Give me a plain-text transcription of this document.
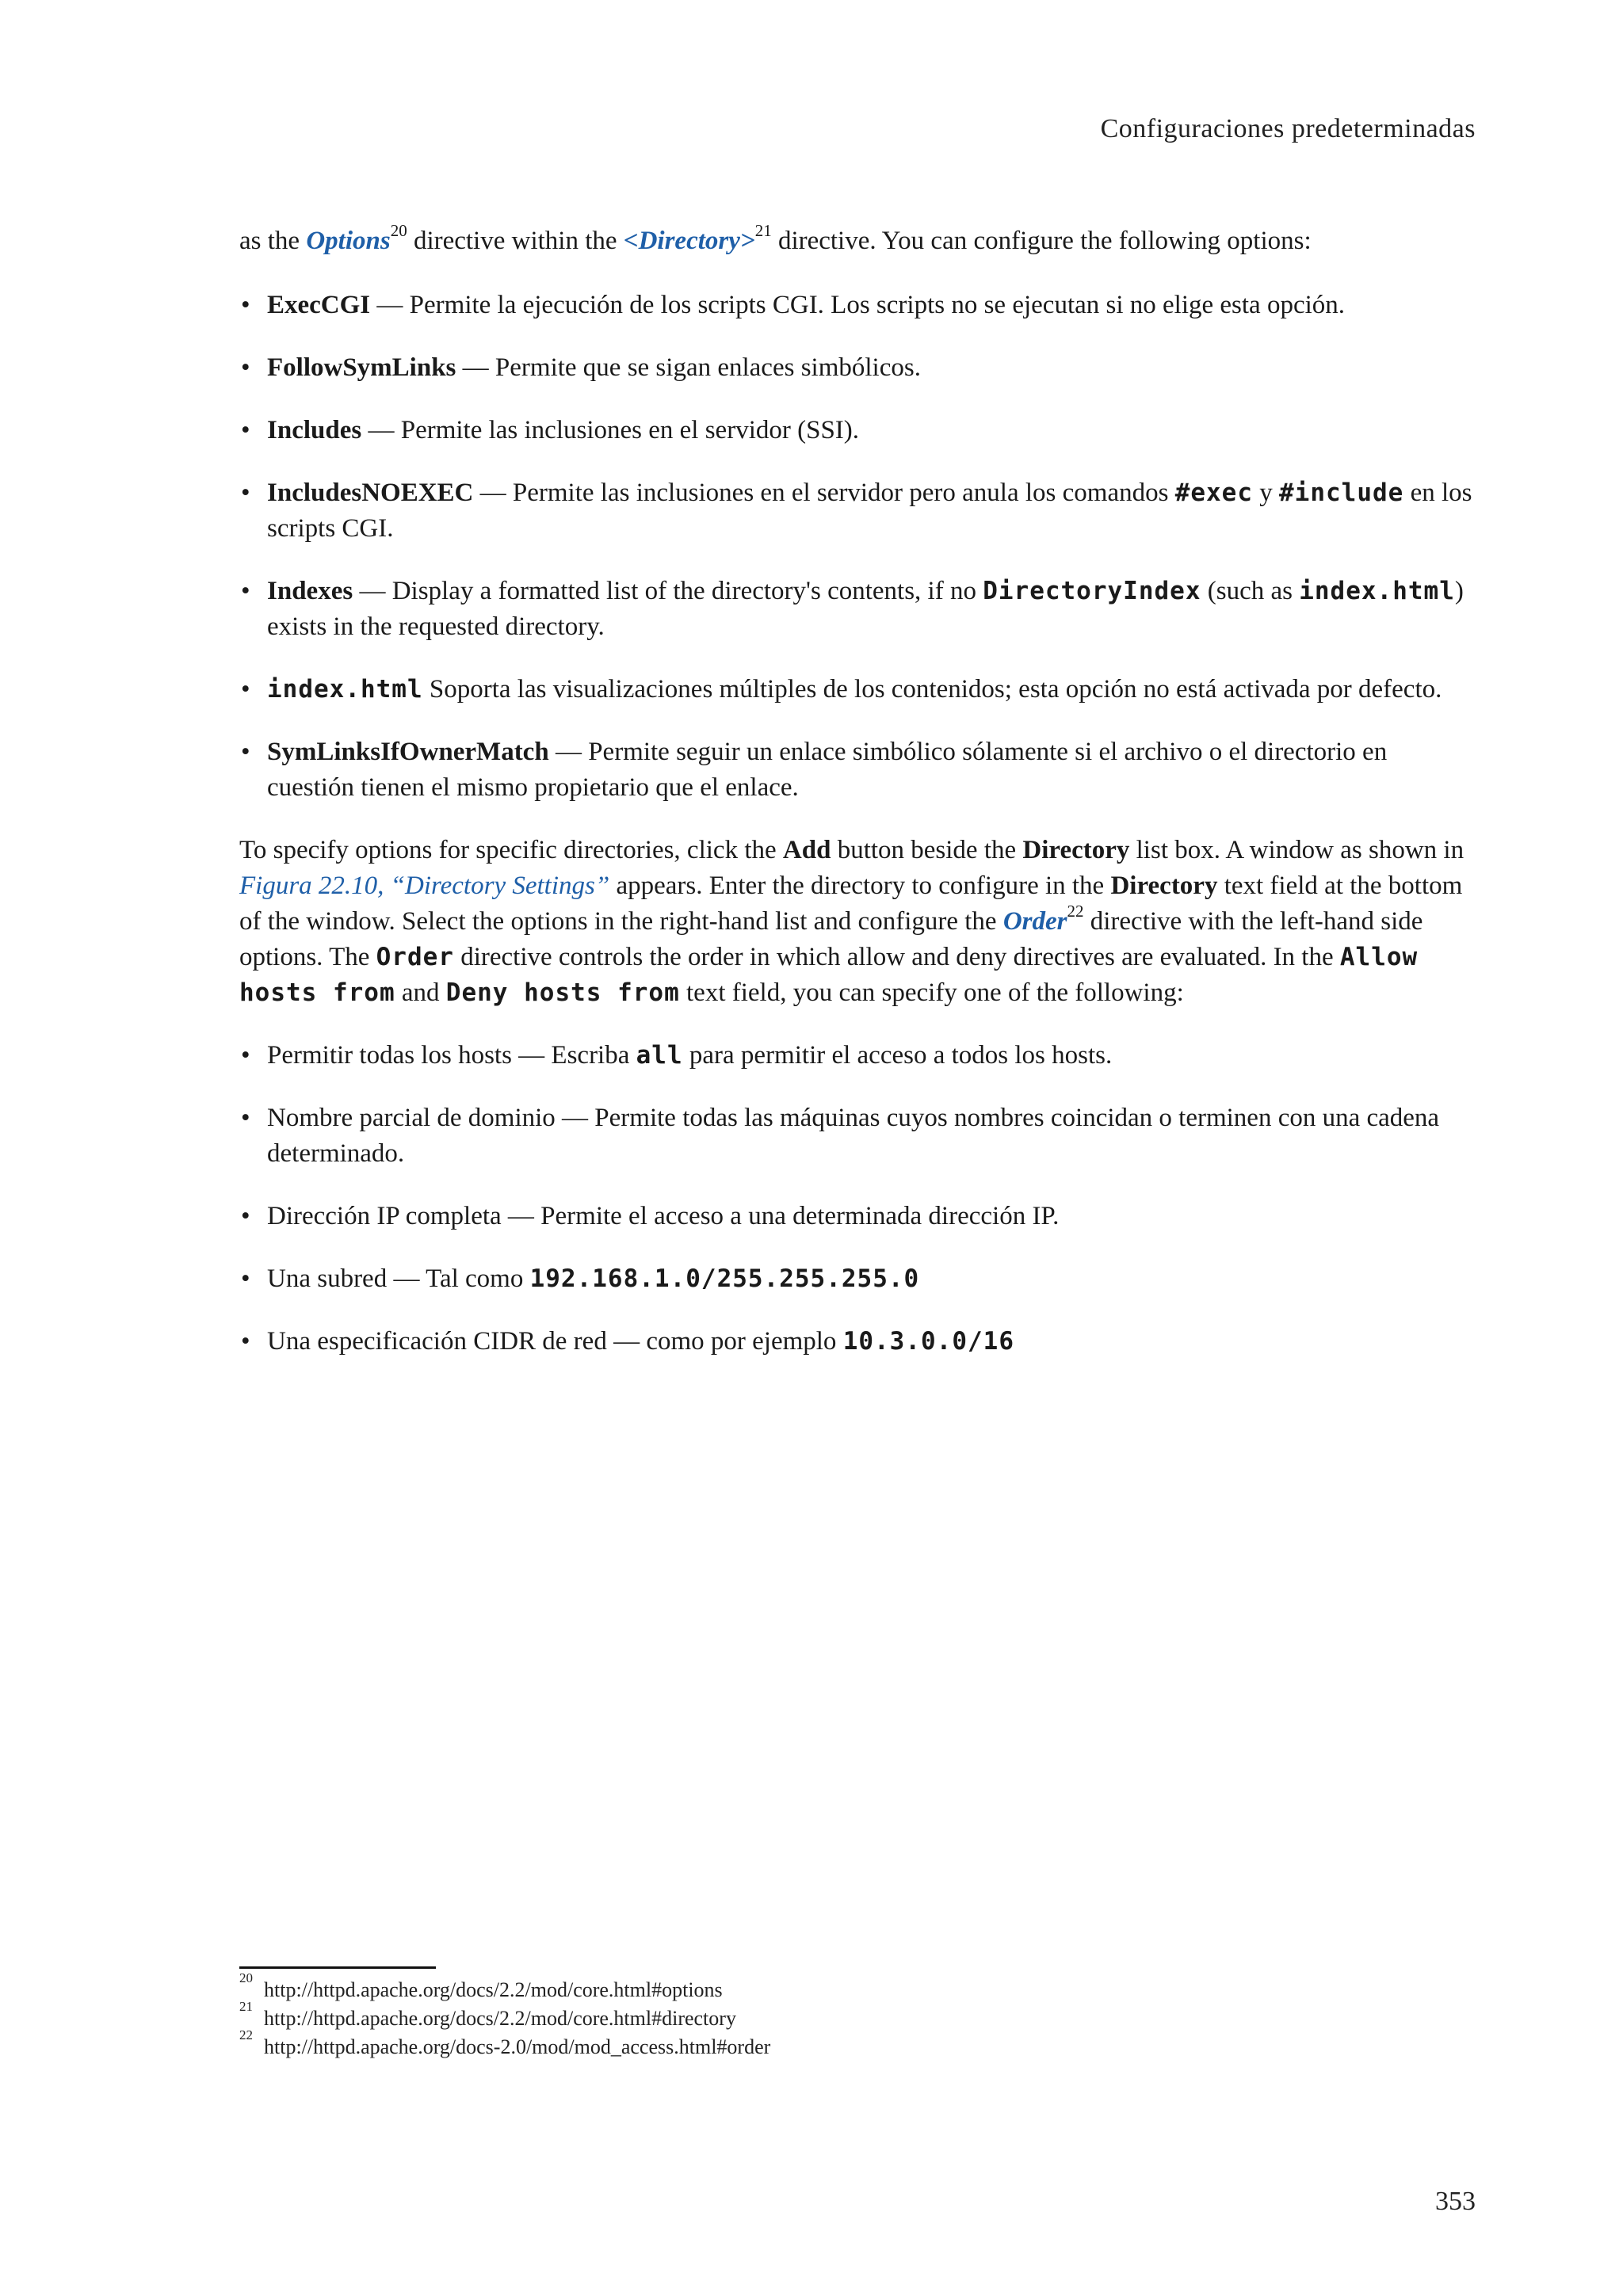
Configuraciones predeterminadas

as the Options$^{20}$ directive within the <Directory>$^{21}$ directive. You can configure the following options:

• ExecCGI — Permite la ejecución de los scripts CGI. Los scripts no se ejecutan si no elige esta opción.
• FollowSymLinks — Permite que se sigan enlaces simbólicos.
• Includes — Permite las inclusiones en el servidor (SSI).
• IncludesNOEXEC — Permite las inclusiones en el servidor pero anula los comandos #exec y #include en los scripts CGI.
• Indexes — Display a formatted list of the directory's contents, if no DirectoryIndex (such as index.html) exists in the requested directory.
• index.html Soporta las visualizaciones múltiples de los contenidos; esta opción no está activada por defecto.
• SymLinksIfOwnerMatch — Permite seguir un enlace simbólico sólamente si el archivo o el directorio en cuestión tienen el mismo propietario que el enlace.

To specify options for specific directories, click the Add button beside the Directory list box. A window as shown in Figura 22.10, “Directory Settings” appears. Enter the directory to configure in the Directory text field at the bottom of the window. Select the options in the right-hand list and configure the Order$^{22}$ directive with the left-hand side options. The Order directive controls the order in which allow and deny directives are evaluated. In the Allow hosts from and Deny hosts from text field, you can specify one of the following:

• Permitir todas los hosts — Escriba all para permitir el acceso a todos los hosts.
• Nombre parcial de dominio — Permite todas las máquinas cuyos nombres coincidan o terminen con una cadena determinado.
• Dirección IP completa — Permite el acceso a una determinada dirección IP.
• Una subred — Tal como 192.168.1.0/255.255.255.0
• Una especificación CIDR de red — como por ejemplo 10.3.0.0/16
$^{20}$http://httpd.apache.org/docs/2.2/mod/core.html#options
$^{21}$http://httpd.apache.org/docs/2.2/mod/core.html#directory
$^{22}$http://httpd.apache.org/docs-2.0/mod/mod_access.html#order
353
